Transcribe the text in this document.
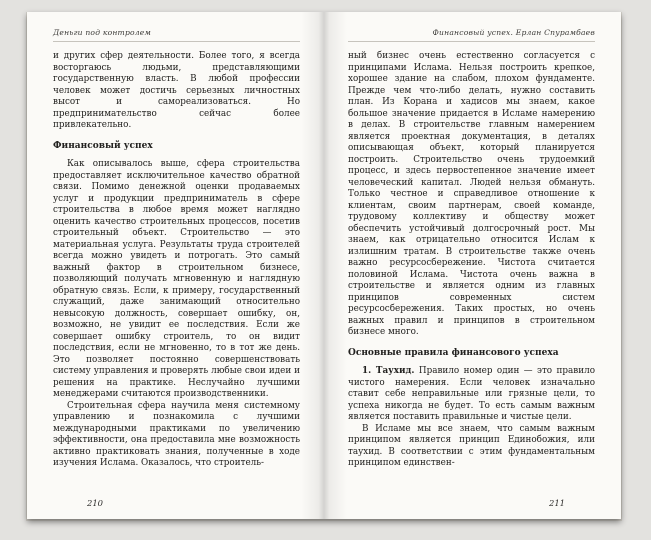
Деньги под контролем

и других сфер деятельности. Более того, я всегда восторгаюсь людьми, представляющими государственную власть. В любой профессии человек может достичь серьезных личностных высот и самореализоваться. Но предпринимательство сейчас более привлекательно.

Финансовый успех

Как описывалось выше, сфера строительства предоставляет исключительное качество обратной связи. Помимо денежной оценки продаваемых услуг и продукции предприниматель в сфере строительства в любое время может наглядно оценить качество строительных процессов, посетив строительный объект. Строительство — это материальная услуга. Результаты труда строителей всегда можно увидеть и потрогать. Это самый важный фактор в строительном бизнесе, позволяющий получать мгновенную и наглядную обратную связь. Если, к примеру, государственный служащий, даже занимающий относительно невысокую должность, совершает ошибку, он, возможно, не увидит ее последствия. Если же совершает ошибку строитель, то он видит последствия, если не мгновенно, то в тот же день. Это позволяет постоянно совершенствовать систему управления и проверять любые свои идеи и решения на практике. Неслучайно лучшими менеджерами считаются производственники.

Строительная сфера научила меня системному управлению и познакомила с лучшими международными практиками по увеличению эффективности, она предоставила мне возможность активно практиковать знания, полученные в ходе изучения Ислама. Оказалось, что строитель-

210
Финансовый успех. Ерлан Спурамбаев

ный бизнес очень естественно согласуется с принципами Ислама. Нельзя построить крепкое, хорошее здание на слабом, плохом фундаменте. Прежде чем что-либо делать, нужно составить план. Из Корана и хадисов мы знаем, какое большое значение придается в Исламе намерению в делах. В строительстве главным намерением является проектная документация, в деталях описывающая объект, который планируется построить. Строительство очень трудоемкий процесс, и здесь первостепенное значение имеет человеческий капитал. Людей нельзя обмануть. Только честное и справедливое отношение к клиентам, своим партнерам, своей команде, трудовому коллективу и обществу может обеспечить устойчивый долгосрочный рост. Мы знаем, как отрицательно относится Ислам к излишним тратам. В строительстве также очень важно ресурсосбережение. Чистота считается половиной Ислама. Чистота очень важна в строительстве и является одним из главных принципов современных систем ресурсосбережения. Таких простых, но очень важных правил и принципов в строительном бизнесе много.

Основные правила финансового успеха

1. Таухид. Правило номер один — это правило чистого намерения. Если человек изначально ставит себе неправильные или грязные цели, то успеха никогда не будет. То есть самым важным является поставить правильные и чистые цели.

В Исламе мы все знаем, что самым важным принципом является принцип Единобожия, или таухид. В соответствии с этим фундаментальным принципом единствен-

211
